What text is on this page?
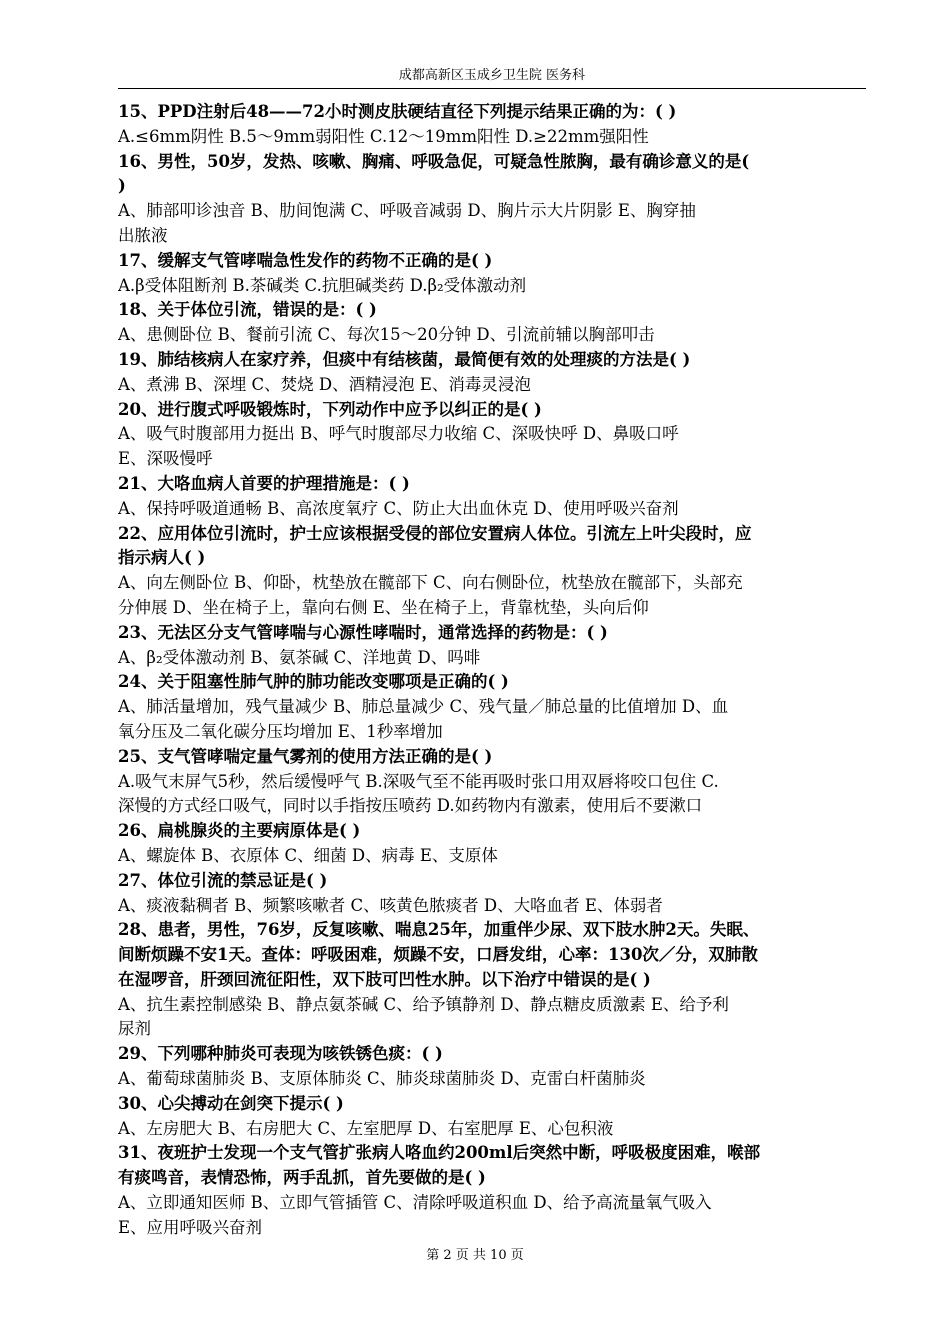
成都高新区玉成乡卫生院 医务科
15、PPD注射后48——72小时测皮肤硬结直径下列提示结果正确的为：( )
A.≤6mm阴性 B.5～9mm弱阳性 C.12～19mm阳性 D.≥22mm强阳性
16、男性，50岁，发热、咳嗽、胸痛、呼吸急促，可疑急性脓胸，最有确诊意义的是(
)
A、肺部叩诊浊音 B、肋间饱满 C、呼吸音减弱 D、胸片示大片阴影 E、胸穿抽
出脓液
17、缓解支气管哮喘急性发作的药物不正确的是( )
A.β受体阻断剂 B.茶碱类 C.抗胆碱类药 D.β₂受体激动剂
18、关于体位引流，错误的是：( )
A、患侧卧位 B、餐前引流 C、每次15～20分钟 D、引流前辅以胸部叩击
19、肺结核病人在家疗养，但痰中有结核菌，最简便有效的处理痰的方法是( )
A、煮沸 B、深埋 C、焚烧 D、酒精浸泡 E、消毒灵浸泡
20、进行腹式呼吸锻炼时，下列动作中应予以纠正的是( )
A、吸气时腹部用力挺出 B、呼气时腹部尽力收缩 C、深吸快呼 D、鼻吸口呼
E、深吸慢呼
21、大咯血病人首要的护理措施是：( )
A、保持呼吸道通畅 B、高浓度氧疗 C、防止大出血休克 D、使用呼吸兴奋剂
22、应用体位引流时，护士应该根据受侵的部位安置病人体位。引流左上叶尖段时，应
指示病人( )
A、向左侧卧位 B、仰卧，枕垫放在髋部下 C、向右侧卧位，枕垫放在髋部下，头部充
分伸展 D、坐在椅子上，靠向右侧 E、坐在椅子上，背靠枕垫，头向后仰
23、无法区分支气管哮喘与心源性哮喘时，通常选择的药物是：( )
A、β₂受体激动剂 B、氨茶碱 C、洋地黄 D、吗啡
24、关于阻塞性肺气肿的肺功能改变哪项是正确的( )
A、肺活量增加，残气量减少 B、肺总量减少 C、残气量／肺总量的比值增加 D、血
氧分压及二氧化碳分压均增加 E、1秒率增加
25、支气管哮喘定量气雾剂的使用方法正确的是( )
A.吸气末屏气5秒，然后缓慢呼气 B.深吸气至不能再吸时张口用双唇将咬口包住 C.
深慢的方式经口吸气，同时以手指按压喷药 D.如药物内有激素，使用后不要漱口
26、扁桃腺炎的主要病原体是( )
A、螺旋体 B、衣原体 C、细菌 D、病毒 E、支原体
27、体位引流的禁忌证是( )
A、痰液黏稠者 B、频繁咳嗽者 C、咳黄色脓痰者 D、大咯血者 E、体弱者
28、患者，男性，76岁，反复咳嗽、喘息25年，加重伴少尿、双下肢水肿2天。失眠、
间断烦躁不安1天。查体：呼吸困难，烦躁不安，口唇发绀，心率：130次／分，双肺散
在湿啰音，肝颈回流征阳性，双下肢可凹性水肿。以下治疗中错误的是( )
A、抗生素控制感染 B、静点氨茶碱 C、给予镇静剂 D、静点糖皮质激素 E、给予利
尿剂
29、下列哪种肺炎可表现为咳铁锈色痰：( )
A、葡萄球菌肺炎 B、支原体肺炎 C、肺炎球菌肺炎 D、克雷白杆菌肺炎
30、心尖搏动在剑突下提示( )
A、左房肥大 B、右房肥大 C、左室肥厚 D、右室肥厚 E、心包积液
31、夜班护士发现一个支气管扩张病人咯血约200ml后突然中断，呼吸极度困难，喉部
有痰鸣音，表情恐怖，两手乱抓，首先要做的是( )
A、立即通知医师 B、立即气管插管 C、清除呼吸道积血 D、给予高流量氧气吸入
E、应用呼吸兴奋剂
第 2 页 共 10 页
